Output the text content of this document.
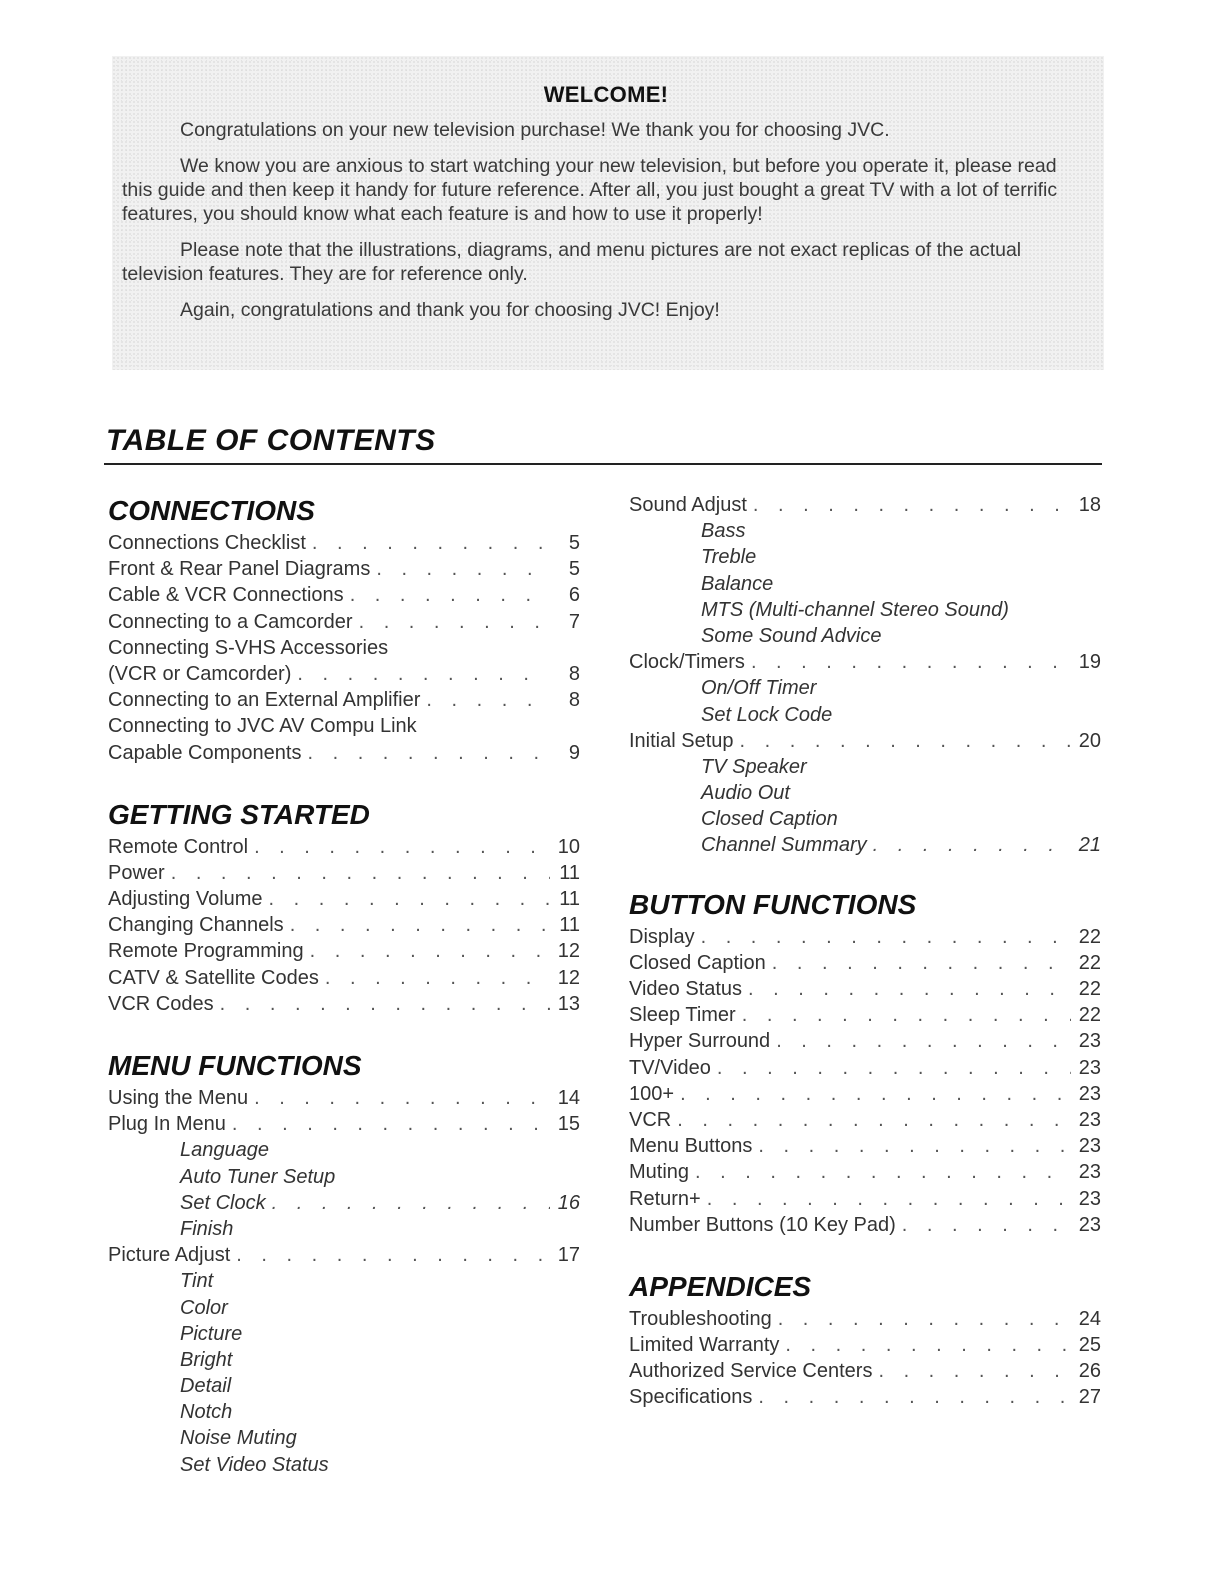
WELCOME!

Congratulations on your new television purchase! We thank you for choosing JVC.

We know you are anxious to start watching your new television, but before you operate it, please read this guide and then keep it handy for future reference. After all, you just bought a great TV with a lot of terrific features, you should know what each feature is and how to use it properly!

Please note that the illustrations, diagrams, and menu pictures are not exact replicas of the actual television features. They are for reference only.

Again, congratulations and thank you for choosing JVC! Enjoy!

TABLE OF CONTENTS
CONNECTIONS
Connections Checklist . . .	5
Front & Rear Panel Diagrams . . .	5
Cable & VCR Connections . . .	6
Connecting to a Camcorder . . .	7
Connecting S-VHS Accessories
(VCR or Camcorder) . . .	8
Connecting to an External Amplifier . . .	8
Connecting to JVC AV Compu Link
Capable Components . . .	9
GETTING STARTED
Remote Control . . .	10
Power . . .	11
Adjusting Volume . . .	11
Changing Channels . . .	11
Remote Programming . . .	12
CATV & Satellite Codes . . .	12
VCR Codes . . .	13
MENU FUNCTIONS
Using the Menu . . .	14
Plug In Menu . . .	15
Language
Auto Tuner Setup
Set Clock . . .	16
Finish
Picture Adjust . . .	17
Tint
Color
Picture
Bright
Detail
Notch
Noise Muting
Set Video Status
Sound Adjust . . .	18
Bass
Treble
Balance
MTS (Multi-channel Stereo Sound)
Some Sound Advice
Clock/Timers . . .	19
On/Off Timer
Set Lock Code
Initial Setup . . .	20
TV Speaker
Audio Out
Closed Caption
Channel Summary . . .	21
BUTTON FUNCTIONS
Display . . .	22
Closed Caption . . .	22
Video Status . . .	22
Sleep Timer . . .	22
Hyper Surround . . .	23
TV/Video . . .	23
100+ . . .	23
VCR . . .	23
Menu Buttons . . .	23
Muting . . .	23
Return+ . . .	23
Number Buttons (10 Key Pad) . . .	23
APPENDICES
Troubleshooting . . .	24
Limited Warranty . . .	25
Authorized Service Centers . . .	26
Specifications . . .	27
